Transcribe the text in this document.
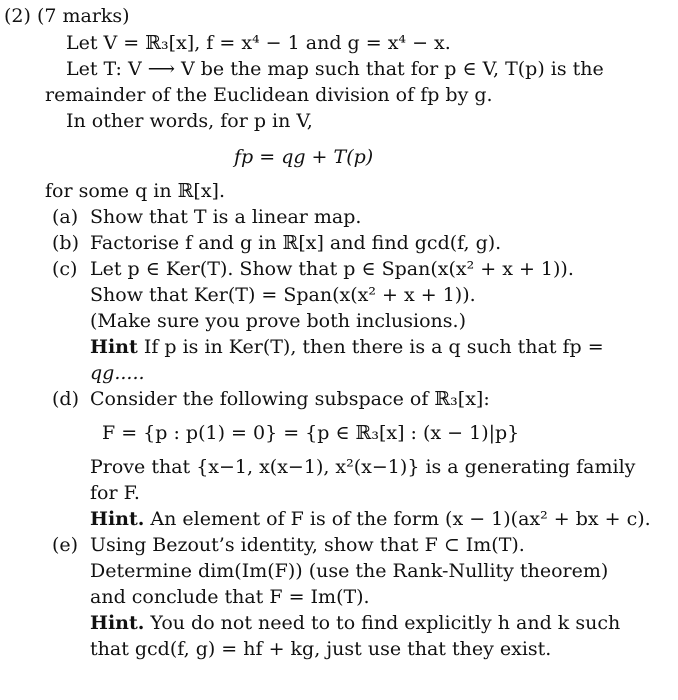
(2) (7 marks)
Let V = ℝ₃[x], f = x⁴ − 1 and g = x⁴ − x.
Let T: V ⟶ V be the map such that for p ∈ V, T(p) is the
remainder of the Euclidean division of fp by g.
In other words, for p in V,
fp = qg + T(p)
for some q in ℝ[x].
(a) Show that T is a linear map.
(b) Factorise f and g in ℝ[x] and find gcd(f, g).
(c) Let p ∈ Ker(T). Show that p ∈ Span(x(x² + x + 1)).
Show that Ker(T) = Span(x(x² + x + 1)).
(Make sure you prove both inclusions.)
Hint If p is in Ker(T), then there is a q such that fp =
qg.....
(d) Consider the following subspace of ℝ₃[x]:
F = {p : p(1) = 0} = {p ∈ ℝ₃[x] : (x − 1)|p}
Prove that {x−1, x(x−1), x²(x−1)} is a generating family
for F.
Hint. An element of F is of the form (x − 1)(ax² + bx + c).
(e) Using Bezout’s identity, show that F ⊂ Im(T).
Determine dim(Im(F)) (use the Rank-Nullity theorem)
and conclude that F = Im(T).
Hint. You do not need to to find explicitly h and k such
that gcd(f, g) = hf + kg, just use that they exist.
